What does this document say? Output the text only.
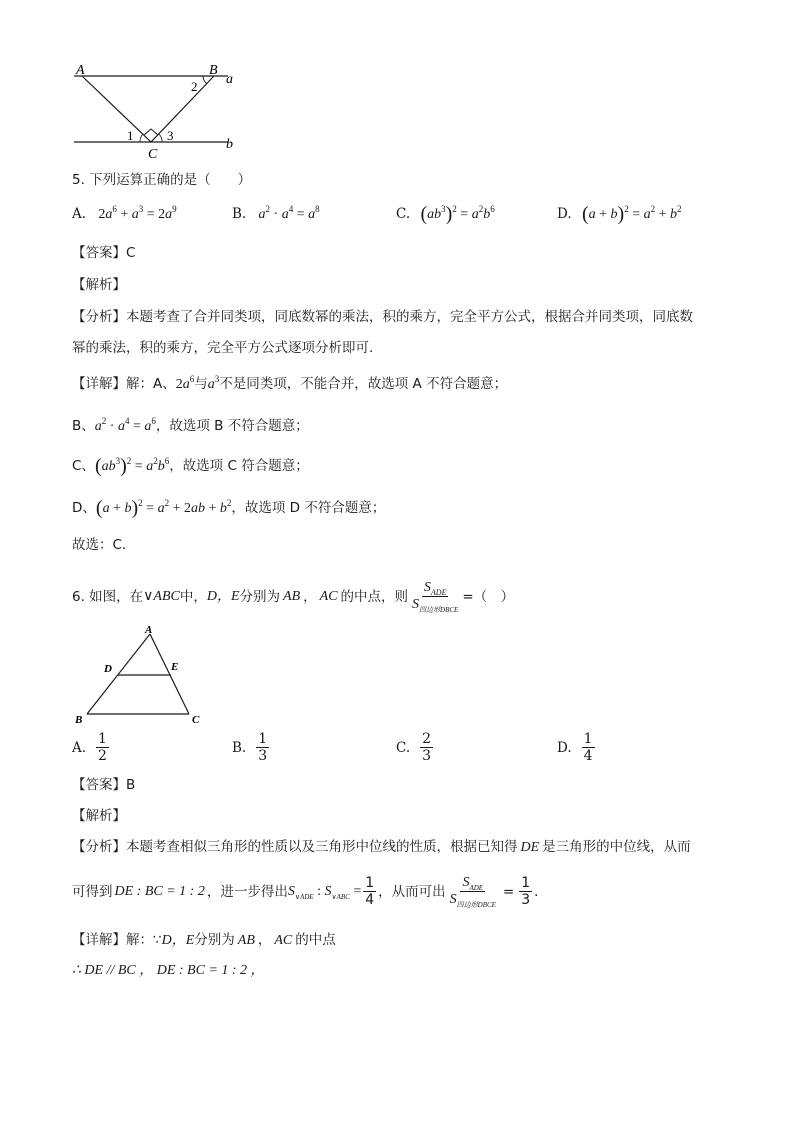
A	B
a
b
C
2
1	3
5. 下列运算正确的是（　　）
A. $2a^6 + a^3 = 2a^9$	B. $a^2 \cdot a^4 = a^8$	C. $(ab^3)^2 = a^2b^6$	D. $(a + b)^2 = a^2 + b^2$
【答案】C
【解析】
【分析】本题考查了合并同类项，同底数幂的乘法，积的乘方，完全平方公式，根据合并同类项，同底数
幂的乘法，积的乘方，完全平方公式逐项分析即可.
【详解】解：A、$2a^6$与$a^3$不是同类项，不能合并，故选项 A 不符合题意；
B、$a^2 \cdot a^4 = a^6$，故选项 B 不符合题意；
C、$(ab^3)^2 = a^2b^6$，故选项 C 符合题意；
D、$(a + b)^2 = a^2 + 2ab + b^2$，故选项 D 不符合题意；
故选：C．
6. 如图，在 ∨ABC 中， D，E 分别为 AB ， AC 的中点，则 $\frac{S_{ADE}}{S_{四边形DBCE}}$ =（　）
A
D	E
B	C
A. $\frac{1}{2}$	B. $\frac{1}{3}$	C. $\frac{2}{3}$	D. $\frac{1}{4}$
【答案】B
【解析】
【分析】本题考查相似三角形的性质以及三角形中位线的性质，根据已知得 DE 是三角形的中位线，从而
可得到 DE : BC = 1 : 2 ，进一步得出 $S_{\vee ADE}$ : $S_{\vee ABC} = \frac{1}{4}$ ，从而可出 $\frac{S_{ADE}}{S_{四边形DBCE}} = \frac{1}{3}$ ．
【详解】解：∵D，E分别为 AB ， AC 的中点
∴ DE // BC ， DE : BC = 1 : 2 ，
